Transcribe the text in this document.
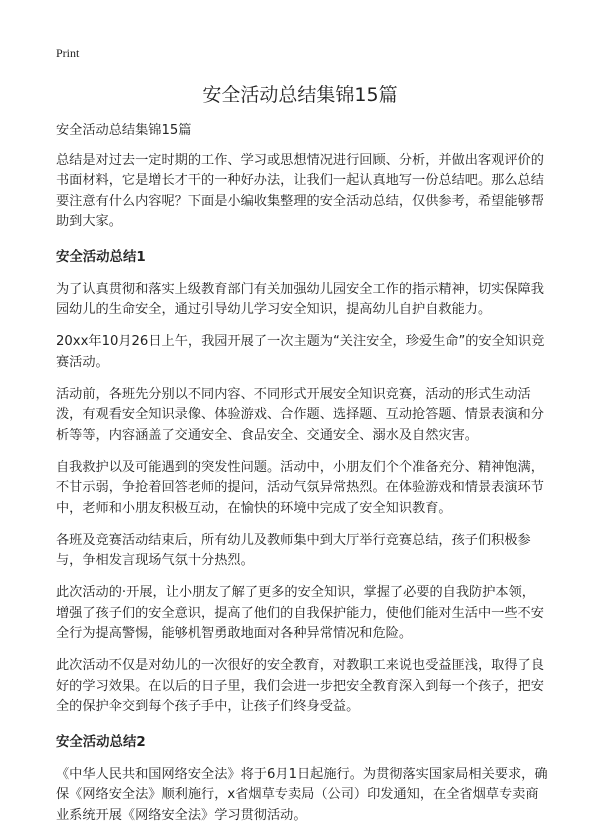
Print
安全活动总结集锦15篇

安全活动总结集锦15篇

总结是对过去一定时期的工作、学习或思想情况进行回顾、分析，并做出客观评价的书面材料，它是增长才干的一种好办法，让我们一起认真地写一份总结吧。那么总结要注意有什么内容呢？下面是小编收集整理的安全活动总结，仅供参考，希望能够帮助到大家。

安全活动总结1

为了认真贯彻和落实上级教育部门有关加强幼儿园安全工作的指示精神，切实保障我园幼儿的生命安全，通过引导幼儿学习安全知识，提高幼儿自护自救能力。

20xx年10月26日上午，我园开展了一次主题为“关注安全，珍爱生命”的安全知识竞赛活动。

活动前，各班先分别以不同内容、不同形式开展安全知识竞赛，活动的形式生动活泼，有观看安全知识录像、体验游戏、合作题、选择题、互动抢答题、情景表演和分析等等，内容涵盖了交通安全、食品安全、交通安全、溺水及自然灾害。

自我救护以及可能遇到的突发性问题。活动中，小朋友们个个准备充分、精神饱满，不甘示弱，争抢着回答老师的提问，活动气氛异常热烈。在体验游戏和情景表演环节中，老师和小朋友积极互动，在愉快的环境中完成了安全知识教育。

各班及竞赛活动结束后，所有幼儿及教师集中到大厅举行竞赛总结，孩子们积极参与，争相发言现场气氛十分热烈。

此次活动的·开展，让小朋友了解了更多的安全知识，掌握了必要的自我防护本领，增强了孩子们的安全意识，提高了他们的自我保护能力，使他们能对生活中一些不安全行为提高警惕，能够机智勇敢地面对各种异常情况和危险。

此次活动不仅是对幼儿的一次很好的安全教育，对教职工来说也受益匪浅，取得了良好的学习效果。在以后的日子里，我们会进一步把安全教育深入到每一个孩子，把安全的保护伞交到每个孩子手中，让孩子们终身受益。

安全活动总结2

《中华人民共和国网络安全法》将于6月1日起施行。为贯彻落实国家局相关要求，确保《网络安全法》顺利施行，x省烟草专卖局（公司）印发通知，在全省烟草专卖商业系统开展《网络安全法》学习贯彻活动。
